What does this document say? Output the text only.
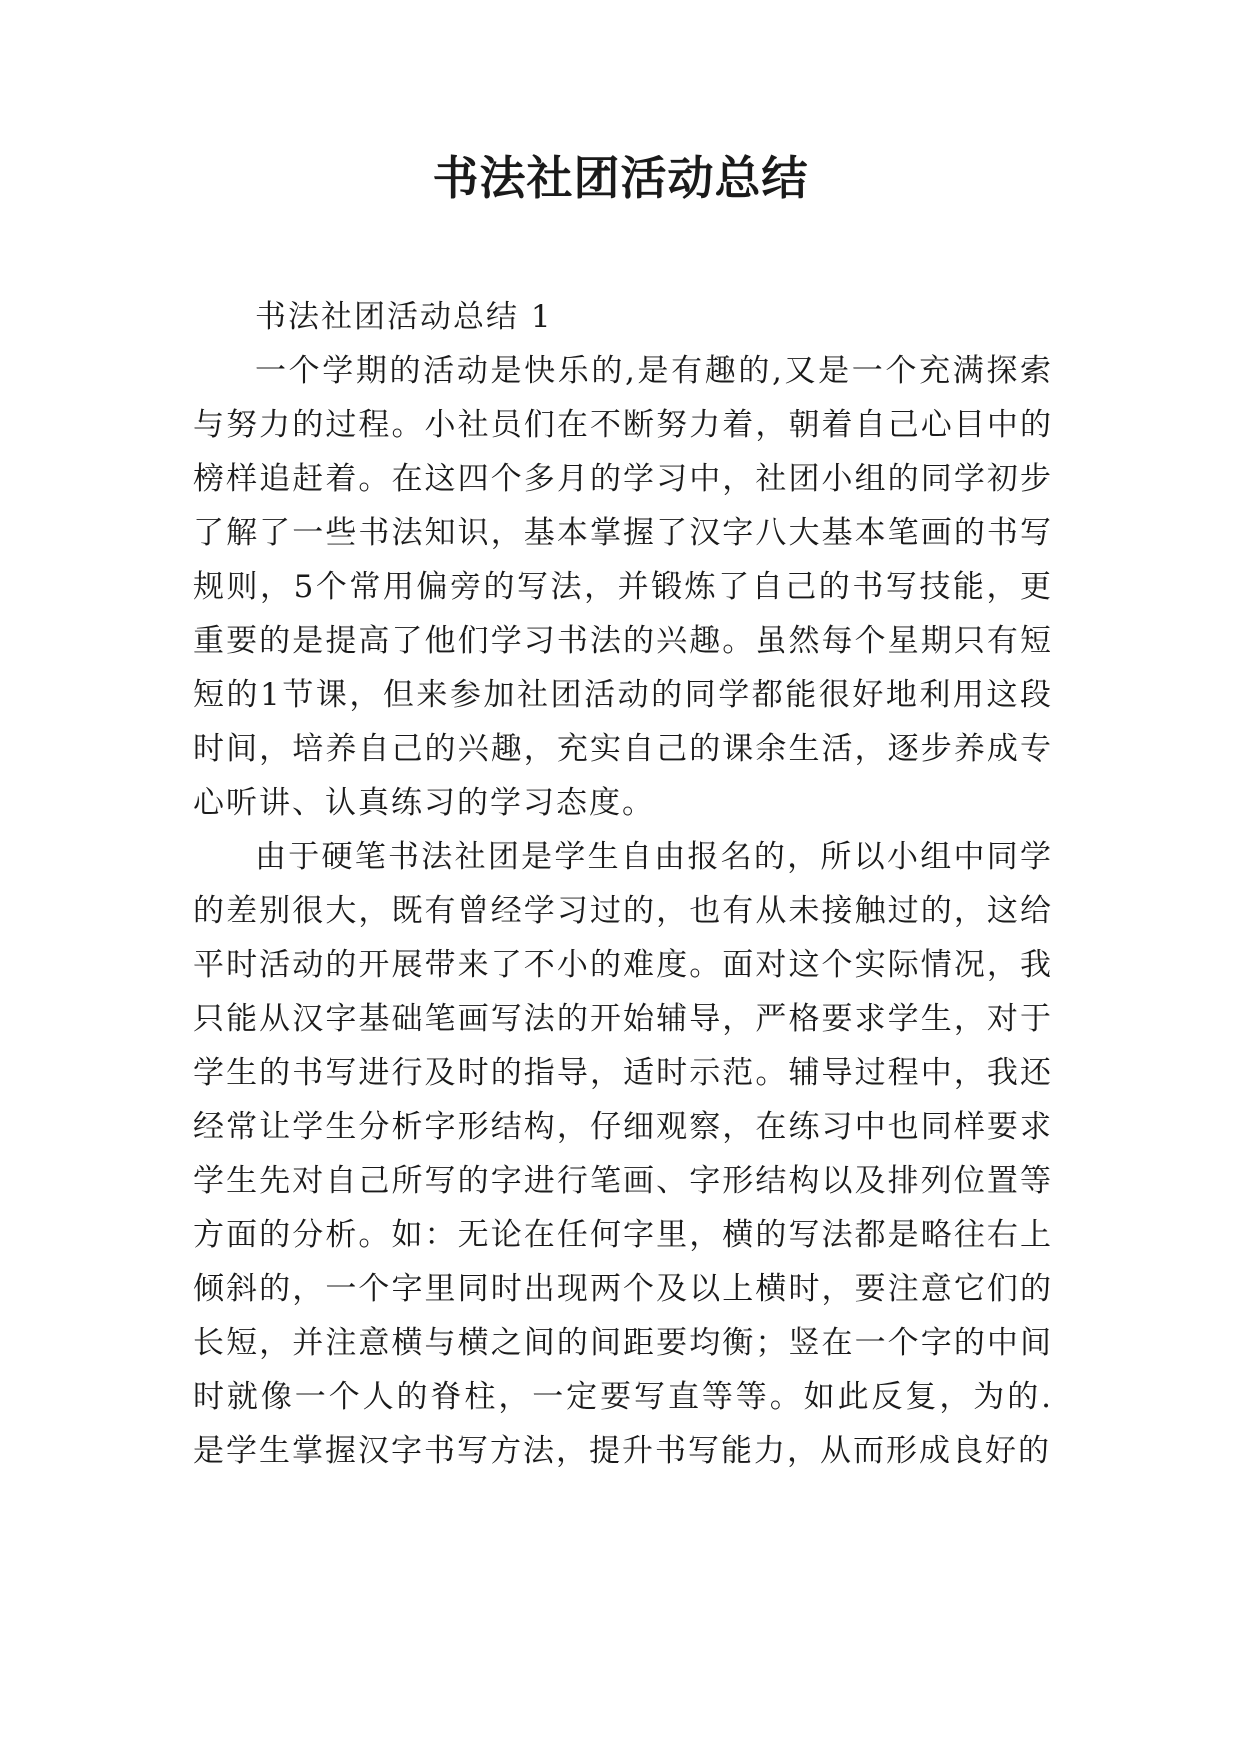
书法社团活动总结

书法社团活动总结 1

一个学期的活动是快乐的,是有趣的,又是一个充满探索与努力的过程。小社员们在不断努力着，朝着自己心目中的榜样追赶着。在这四个多月的学习中，社团小组的同学初步了解了一些书法知识，基本掌握了汉字八大基本笔画的书写规则，5个常用偏旁的写法，并锻炼了自己的书写技能，更重要的是提高了他们学习书法的兴趣。虽然每个星期只有短短的1节课，但来参加社团活动的同学都能很好地利用这段时间，培养自己的兴趣，充实自己的课余生活，逐步养成专心听讲、认真练习的学习态度。

由于硬笔书法社团是学生自由报名的，所以小组中同学的差别很大，既有曾经学习过的，也有从未接触过的，这给平时活动的开展带来了不小的难度。面对这个实际情况，我只能从汉字基础笔画写法的开始辅导，严格要求学生，对于学生的书写进行及时的指导，适时示范。辅导过程中，我还经常让学生分析字形结构，仔细观察，在练习中也同样要求学生先对自己所写的字进行笔画、字形结构以及排列位置等方面的分析。如：无论在任何字里，横的写法都是略往右上倾斜的，一个字里同时出现两个及以上横时，要注意它们的长短，并注意横与横之间的间距要均衡；竖在一个字的中间时就像一个人的脊柱，一定要写直等等。如此反复，为的.是学生掌握汉字书写方法，提升书写能力，从而形成良好的
